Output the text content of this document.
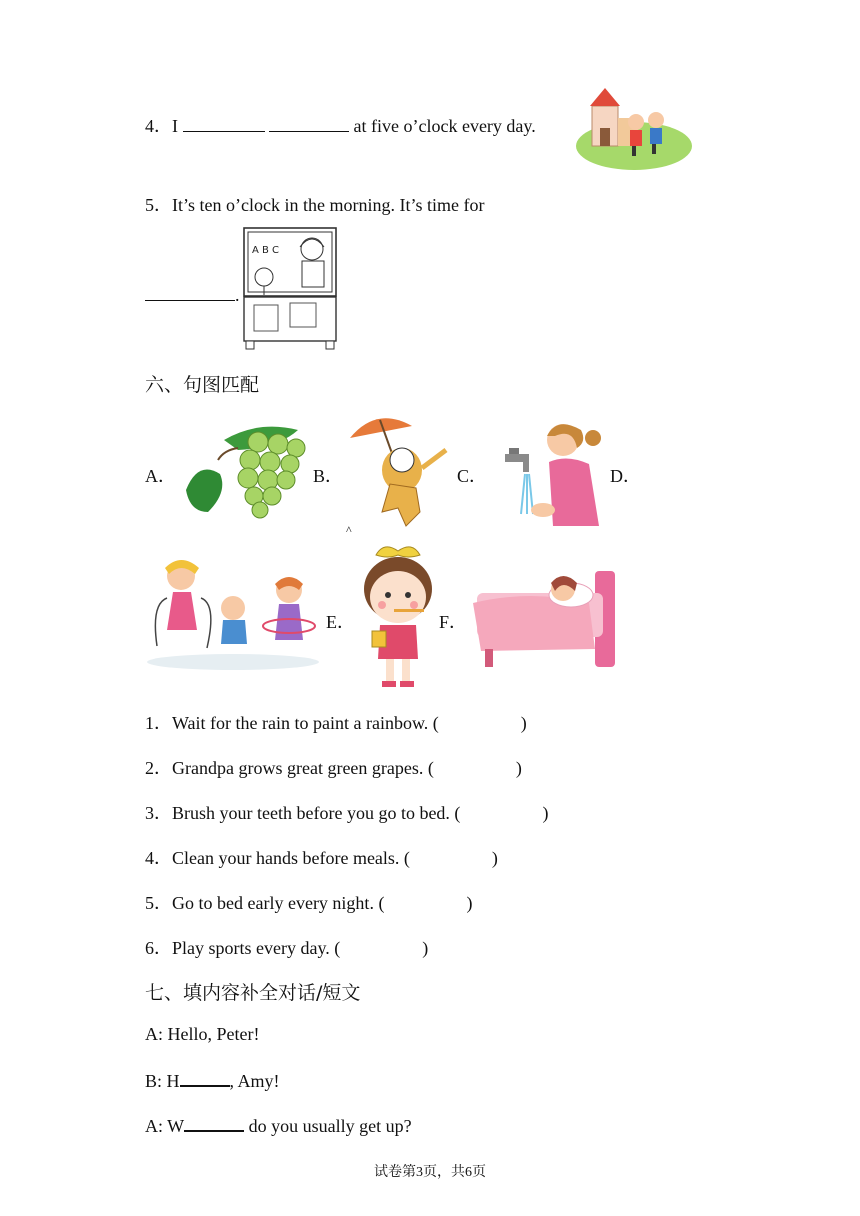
4．I	at five o’clock every day.
5．It’s ten o’clock in the morning. It’s time for
.
A B C
六、句图匹配
A．	B．	C．	D．
^
E．	F．
1．Wait for the rain to paint a rainbow. (	)
2．Grandpa grows great green grapes. (	)
3．Brush your teeth before you go to bed. (	)
4．Clean your hands before meals. (	)
5．Go to bed early every night. (	)
6．Play sports every day. (	)
七、填内容补全对话/短文
A: Hello, Peter!
B: H	, Amy!
A: W	do you usually get up?
试卷第3页，共6页
